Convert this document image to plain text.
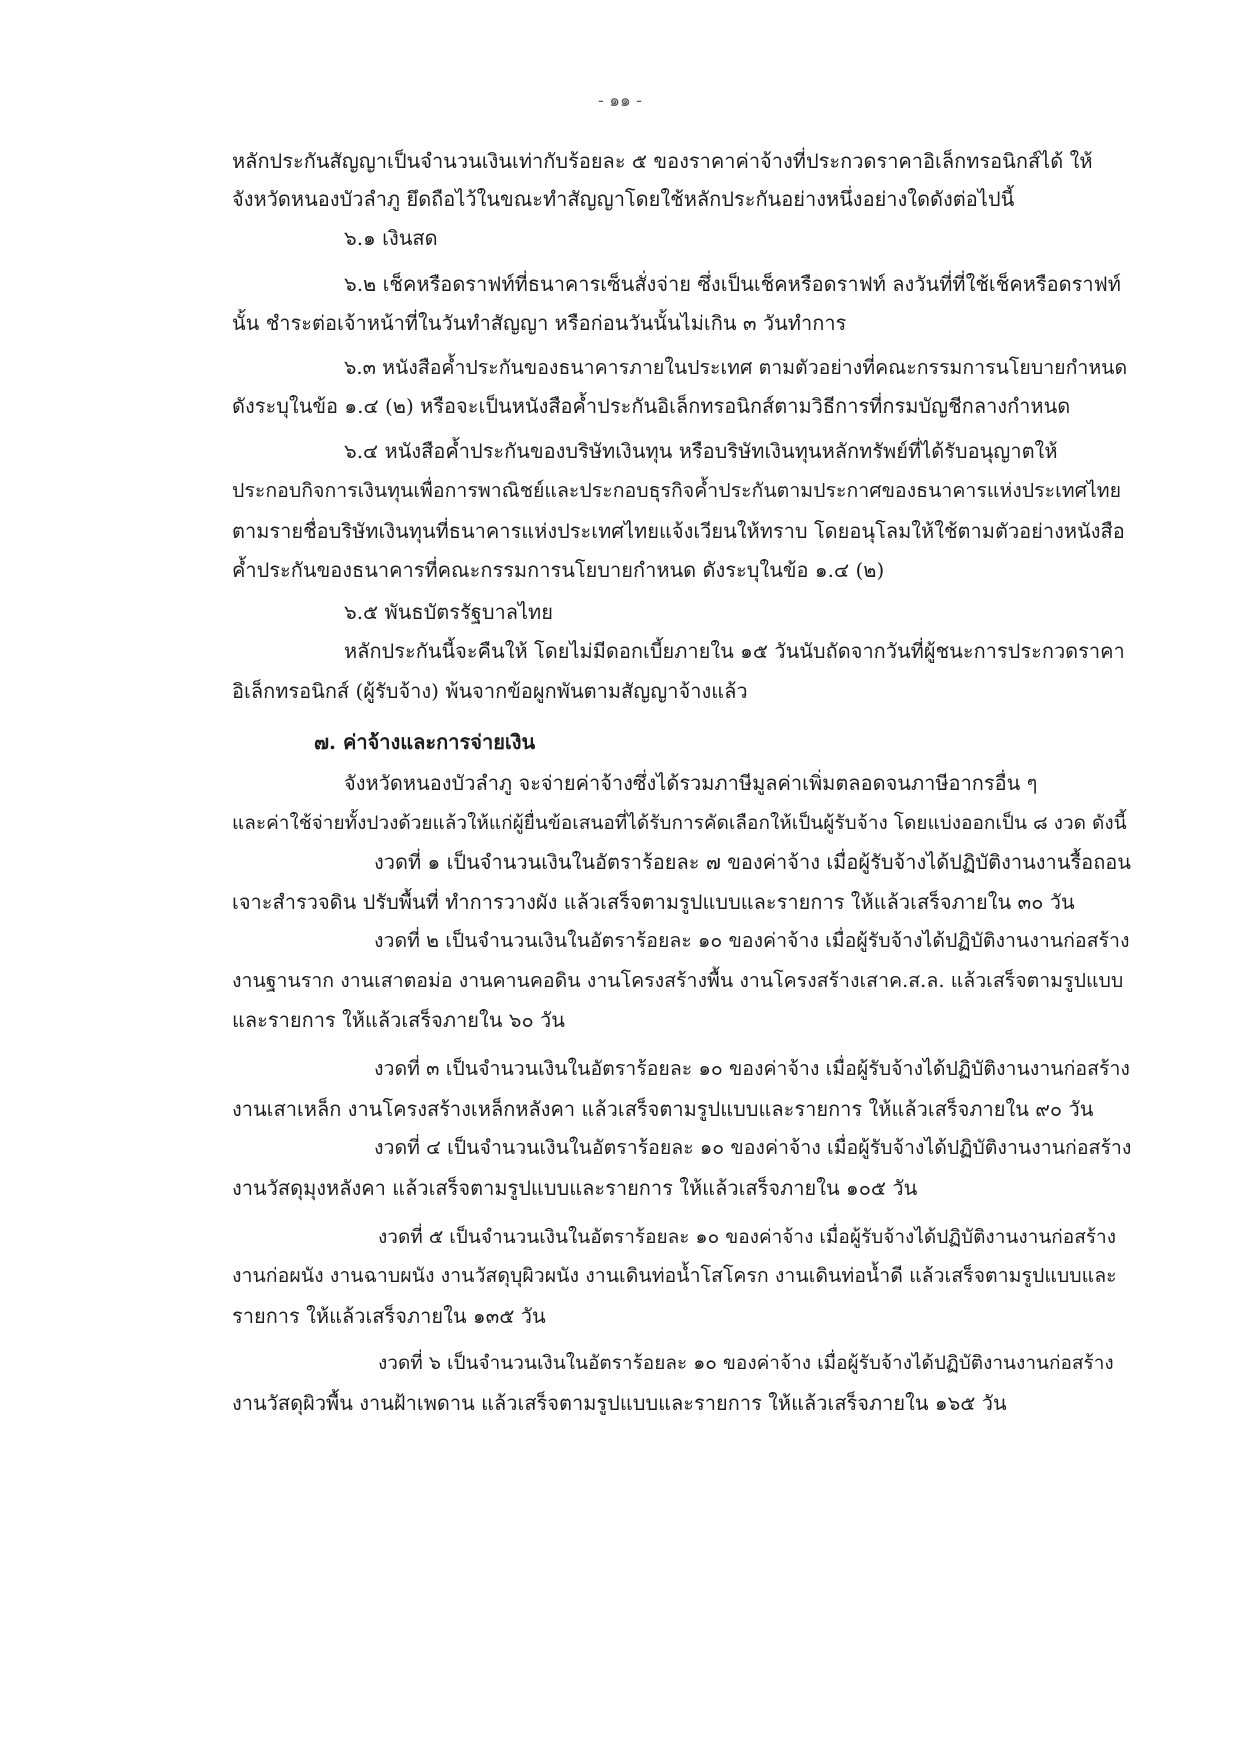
- ๑๑ -
หลักประกันสัญญาเป็นจำนวนเงินเท่ากับร้อยละ ๕ ของราคาค่าจ้างที่ประกวดราคาอิเล็กทรอนิกส์ได้ ให้
จังหวัดหนองบัวลำภู ยึดถือไว้ในขณะทำสัญญาโดยใช้หลักประกันอย่างหนึ่งอย่างใดดังต่อไปนี้
๖.๑ เงินสด
๖.๒ เช็คหรือดราฟท์ที่ธนาคารเซ็นสั่งจ่าย ซึ่งเป็นเช็คหรือดราฟท์ ลงวันที่ที่ใช้เช็คหรือดราฟท์
นั้น ชำระต่อเจ้าหน้าที่ในวันทำสัญญา หรือก่อนวันนั้นไม่เกิน ๓ วันทำการ
๖.๓ หนังสือค้ำประกันของธนาคารภายในประเทศ ตามตัวอย่างที่คณะกรรมการนโยบายกำหนด
ดังระบุในข้อ ๑.๔ (๒) หรือจะเป็นหนังสือค้ำประกันอิเล็กทรอนิกส์ตามวิธีการที่กรมบัญชีกลางกำหนด
๖.๔ หนังสือค้ำประกันของบริษัทเงินทุน หรือบริษัทเงินทุนหลักทรัพย์ที่ได้รับอนุญาตให้
ประกอบกิจการเงินทุนเพื่อการพาณิชย์และประกอบธุรกิจค้ำประกันตามประกาศของธนาคารแห่งประเทศไทย
ตามรายชื่อบริษัทเงินทุนที่ธนาคารแห่งประเทศไทยแจ้งเวียนให้ทราบ โดยอนุโลมให้ใช้ตามตัวอย่างหนังสือ
ค้ำประกันของธนาคารที่คณะกรรมการนโยบายกำหนด ดังระบุในข้อ ๑.๔ (๒)
๖.๕ พันธบัตรรัฐบาลไทย
หลักประกันนี้จะคืนให้ โดยไม่มีดอกเบี้ยภายใน ๑๕ วันนับถัดจากวันที่ผู้ชนะการประกวดราคา
อิเล็กทรอนิกส์ (ผู้รับจ้าง) พ้นจากข้อผูกพันตามสัญญาจ้างแล้ว
๗. ค่าจ้างและการจ่ายเงิน
จังหวัดหนองบัวลำภู จะจ่ายค่าจ้างซึ่งได้รวมภาษีมูลค่าเพิ่มตลอดจนภาษีอากรอื่น ๆ
และค่าใช้จ่ายทั้งปวงด้วยแล้วให้แก่ผู้ยื่นข้อเสนอที่ได้รับการคัดเลือกให้เป็นผู้รับจ้าง โดยแบ่งออกเป็น ๘ งวด ดังนี้
งวดที่ ๑ เป็นจำนวนเงินในอัตราร้อยละ ๗ ของค่าจ้าง เมื่อผู้รับจ้างได้ปฏิบัติงานงานรื้อถอน
เจาะสำรวจดิน ปรับพื้นที่ ทำการวางผัง แล้วเสร็จตามรูปแบบและรายการ ให้แล้วเสร็จภายใน ๓๐ วัน
งวดที่ ๒ เป็นจำนวนเงินในอัตราร้อยละ ๑๐ ของค่าจ้าง เมื่อผู้รับจ้างได้ปฏิบัติงานงานก่อสร้าง
งานฐานราก งานเสาตอม่อ งานคานคอดิน งานโครงสร้างพื้น งานโครงสร้างเสาค.ส.ล. แล้วเสร็จตามรูปแบบ
และรายการ ให้แล้วเสร็จภายใน ๖๐ วัน
งวดที่ ๓ เป็นจำนวนเงินในอัตราร้อยละ ๑๐ ของค่าจ้าง เมื่อผู้รับจ้างได้ปฏิบัติงานงานก่อสร้าง
งานเสาเหล็ก งานโครงสร้างเหล็กหลังคา แล้วเสร็จตามรูปแบบและรายการ ให้แล้วเสร็จภายใน ๙๐ วัน
งวดที่ ๔ เป็นจำนวนเงินในอัตราร้อยละ ๑๐ ของค่าจ้าง เมื่อผู้รับจ้างได้ปฏิบัติงานงานก่อสร้าง
งานวัสดุมุงหลังคา แล้วเสร็จตามรูปแบบและรายการ ให้แล้วเสร็จภายใน ๑๐๕ วัน
งวดที่ ๕ เป็นจำนวนเงินในอัตราร้อยละ ๑๐ ของค่าจ้าง เมื่อผู้รับจ้างได้ปฏิบัติงานงานก่อสร้าง
งานก่อผนัง งานฉาบผนัง งานวัสดุบุผิวผนัง งานเดินท่อน้ำโสโครก งานเดินท่อน้ำดี แล้วเสร็จตามรูปแบบและ
รายการ ให้แล้วเสร็จภายใน ๑๓๕ วัน
งวดที่ ๖ เป็นจำนวนเงินในอัตราร้อยละ ๑๐ ของค่าจ้าง เมื่อผู้รับจ้างได้ปฏิบัติงานงานก่อสร้าง
งานวัสดุผิวพื้น งานฝ้าเพดาน แล้วเสร็จตามรูปแบบและรายการ ให้แล้วเสร็จภายใน ๑๖๕ วัน
